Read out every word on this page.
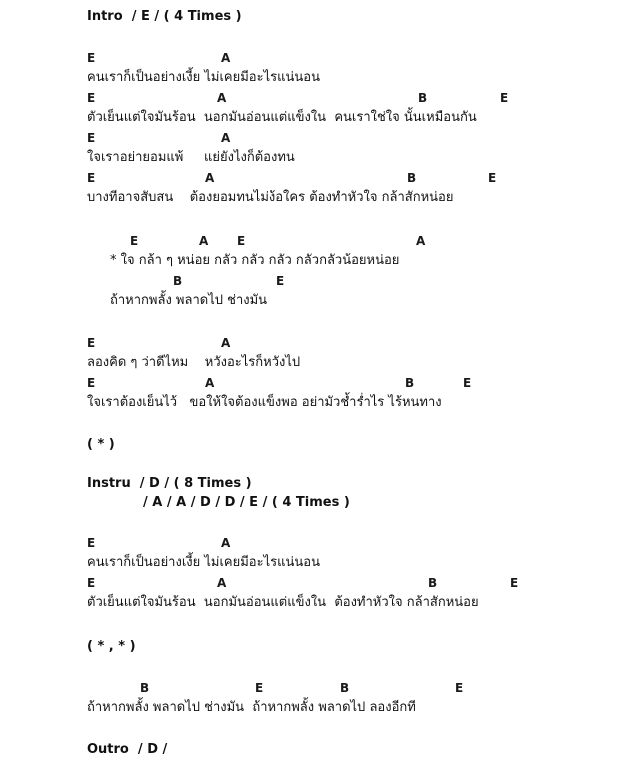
Intro  / E / ( 4 Times )
E	A
คนเราก็เป็นอย่างเงี้ย ไม่เคยมีอะไรแน่นอน
E	A	B	E
ตัวเย็นแต่ใจมันร้อน  นอกมันอ่อนแต่แข็งใน  คนเราใช่ใจ นั้นเหมือนกัน
E	A
ใจเราอย่ายอมแพ้     แย่ยังไงก็ต้องทน
E	A	B	E
บางทีอาจสับสน    ต้องยอมทนไม่ง้อใคร ต้องทำหัวใจ กล้าสักหน่อย
E	A E	A
* ใจ กล้า ๆ หน่อย กลัว กลัว กลัว กลัวกลัวน้อยหน่อย
B	E
ถ้าหากพลั้ง พลาดไป ช่างมัน
E	A
ลองคิด ๆ ว่าดีไหม    หวังอะไรก็หวังไป
E	A	B	E
ใจเราต้องเย็นไว้   ขอให้ใจต้องแข็งพอ อย่ามัวช้ำร่ำไร ไร้หนทาง
( * )
Instru  / D / ( 8 Times )
/ A / A / D / D / E / ( 4 Times )
E	A
คนเราก็เป็นอย่างเงี้ย ไม่เคยมีอะไรแน่นอน
E	A	B	E
ตัวเย็นแต่ใจมันร้อน  นอกมันอ่อนแต่แข็งใน  ต้องทำหัวใจ กล้าสักหน่อย
( * , * )
B	E	B	E
ถ้าหากพลั้ง พลาดไป ช่างมัน  ถ้าหากพลั้ง พลาดไป ลองอีกที
Outro  / D /
